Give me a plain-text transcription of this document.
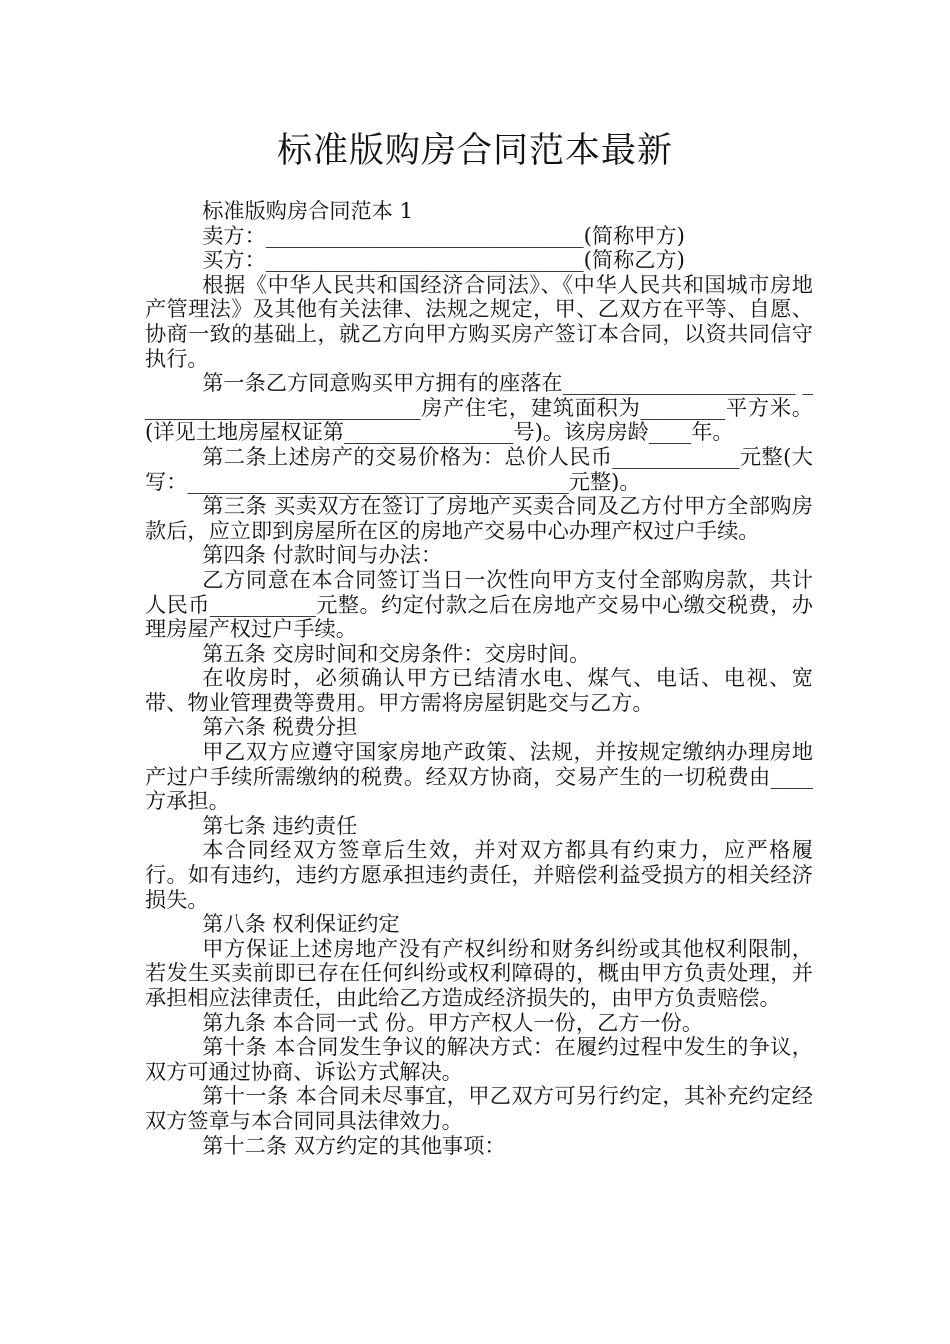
标准版购房合同范本最新

标准版购房合同范本 1

卖方：______________________________(简称甲方)

买方：______________________________(简称乙方)

根据《中华人民共和国经济合同法》、《中华人民共和国城市房地产管理法》及其他有关法律、法规之规定，甲、乙双方在平等、自愿、协商一致的基础上，就乙方向甲方购买房产签订本合同，以资共同信守执行。

第一条乙方同意购买甲方拥有的座落在______________________ ___________________________房产住宅，建筑面积为________平方米。(详见土地房屋权证第________________号)。该房房龄____年。

第二条上述房产的交易价格为：总价人民币____________元整(大写：____________________________________元整)。

第三条 买卖双方在签订了房地产买卖合同及乙方付甲方全部购房款后，应立即到房屋所在区的房地产交易中心办理产权过户手续。

第四条 付款时间与办法：

乙方同意在本合同签订当日一次性向甲方支付全部购房款，共计人民币__________元整。约定付款之后在房地产交易中心缴交税费，办理房屋产权过户手续。

第五条 交房时间和交房条件：交房时间。

在收房时，必须确认甲方已结清水电、煤气、电话、电视、宽带、物业管理费等费用。甲方需将房屋钥匙交与乙方。

第六条 税费分担

甲乙双方应遵守国家房地产政策、法规，并按规定缴纳办理房地产过户手续所需缴纳的税费。经双方协商，交易产生的一切税费由____方承担。

第七条 违约责任

本合同经双方签章后生效，并对双方都具有约束力，应严格履行。如有违约，违约方愿承担违约责任，并赔偿利益受损方的相关经济损失。

第八条 权利保证约定

甲方保证上述房地产没有产权纠纷和财务纠纷或其他权利限制，若发生买卖前即已存在任何纠纷或权利障碍的，概由甲方负责处理，并承担相应法律责任，由此给乙方造成经济损失的，由甲方负责赔偿。

第九条 本合同一式 份。甲方产权人一份，乙方一份。

第十条 本合同发生争议的解决方式：在履约过程中发生的争议，双方可通过协商、诉讼方式解决。

第十一条 本合同未尽事宜，甲乙双方可另行约定，其补充约定经双方签章与本合同同具法律效力。

第十二条 双方约定的其他事项：
